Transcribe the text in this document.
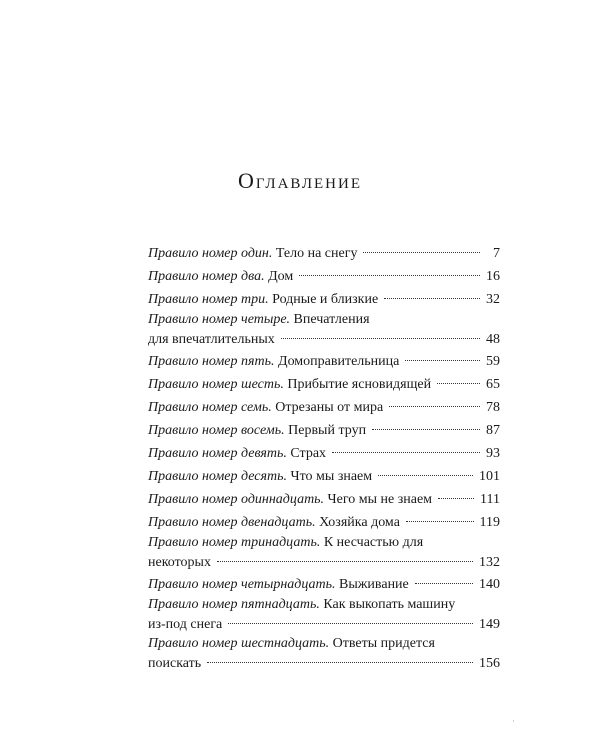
Оглавление
Правило номер один.
Тело на снегу	7
Правило номер два.
Дом	16
Правило номер три.
Родные и близкие	32
Правило номер четыре.
Впечатления
для впечатлительных	48
Правило номер пять.
Домоправительница	59
Правило номер шесть.
Прибытие ясновидящей	65
Правило номер семь.
Отрезаны от мира	78
Правило номер восемь.
Первый труп	87
Правило номер девять.
Страх	93
Правило номер десять.
Что мы знаем	101
Правило номер одиннадцать.
Чего мы не знаем	111
Правило номер двенадцать.
Хозяйка дома	119
Правило номер тринадцать.
К несчастью для
некоторых	132
Правило номер четырнадцать.
Выживание	140
Правило номер пятнадцать.
Как выкопать машину
из-под снега	149
Правило номер шестнадцать.
Ответы придется
поискать	156
·
